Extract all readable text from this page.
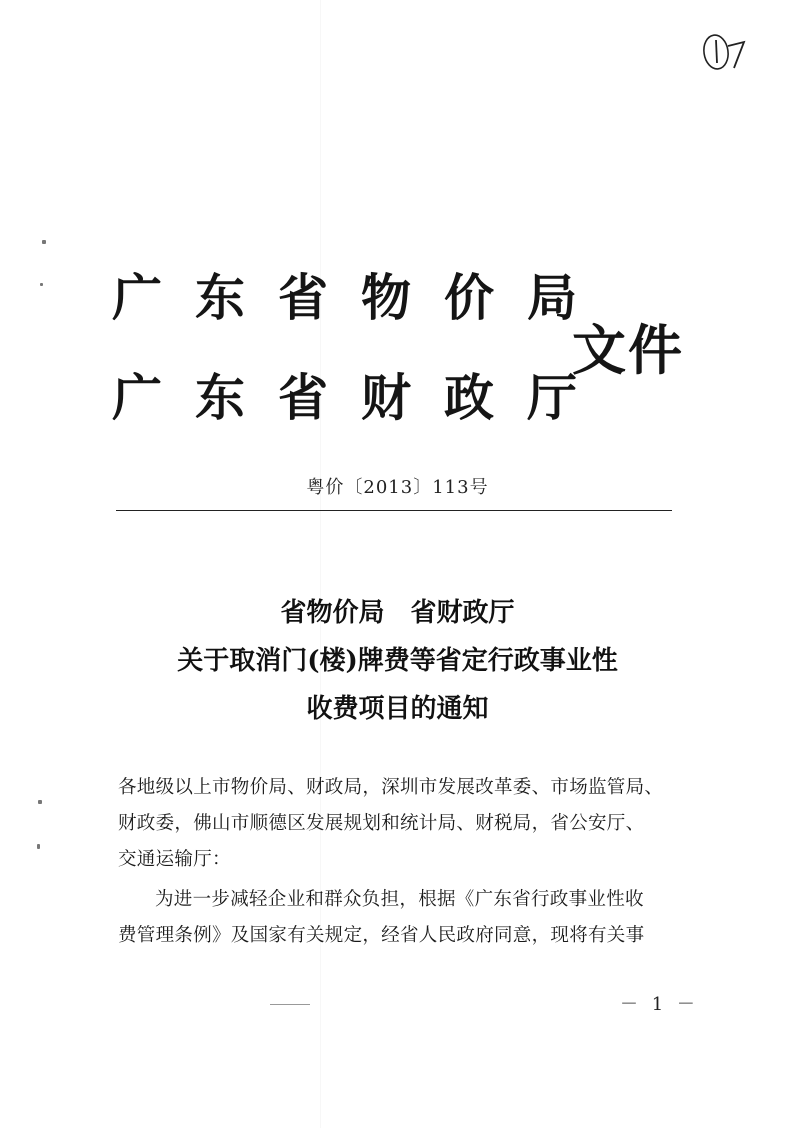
广东省物价局
广东省财政厅
文件
粤价〔2013〕113号
省物价局　省财政厅
关于取消门(楼)牌费等省定行政事业性
收费项目的通知

各地级以上市物价局、财政局，深圳市发展改革委、市场监管局、

财政委，佛山市顺德区发展规划和统计局、财税局，省公安厅、

交通运输厅：

为进一步减轻企业和群众负担，根据《广东省行政事业性收

费管理条例》及国家有关规定，经省人民政府同意，现将有关事

－ 1 －
